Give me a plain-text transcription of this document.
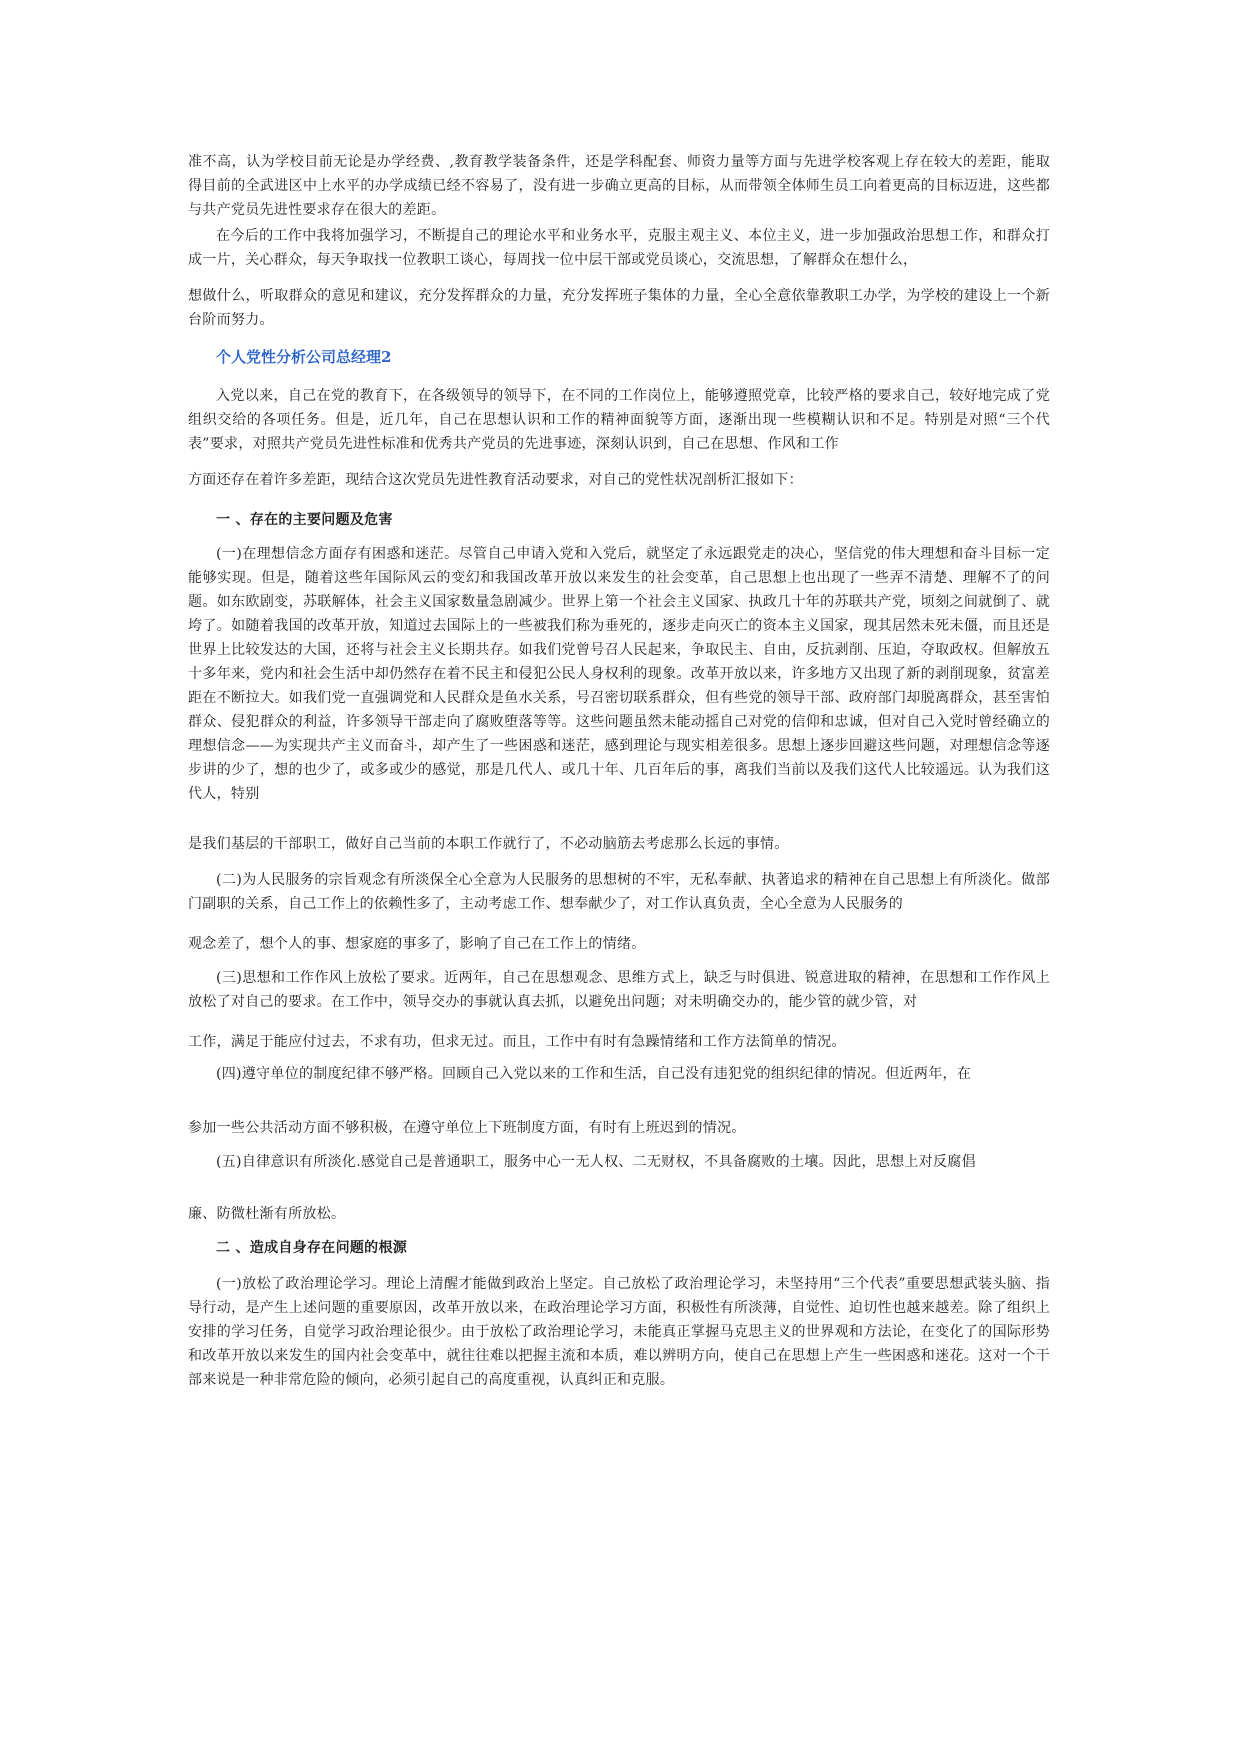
准不高，认为学校目前无论是办学经费、,教育教学装备条件，还是学科配套、师资力量等方面与先进学校客观上存在较大的差距，能取得目前的全武进区中上水平的办学成绩已经不容易了，没有进一步确立更高的目标，从而带领全体师生员工向着更高的目标迈进，这些都与共产党员先进性要求存在很大的差距。

在今后的工作中我将加强学习，不断提自己的理论水平和业务水平，克服主观主义、本位主义，进一步加强政治思想工作，和群众打成一片，关心群众，每天争取找一位教职工谈心，每周找一位中层干部或党员谈心，交流思想，了解群众在想什么，

想做什么，听取群众的意见和建议，充分发挥群众的力量，充分发挥班子集体的力量，全心全意依靠教职工办学，为学校的建设上一个新台阶而努力。

个人党性分析公司总经理2

入党以来，自己在党的教育下，在各级领导的领导下，在不同的工作岗位上，能够遵照党章，比较严格的要求自己，较好地完成了党组织交给的各项任务。但是，近几年，自己在思想认识和工作的精神面貌等方面，逐渐出现一些模糊认识和不足。特别是对照“三个代表”要求，对照共产党员先进性标准和优秀共产党员的先进事迹，深刻认识到，自己在思想、作风和工作

方面还存在着许多差距，现结合这次党员先进性教育活动要求，对自己的党性状况剖析汇报如下：

一 、存在的主要问题及危害

(一)在理想信念方面存有困惑和迷茫。尽管自己申请入党和入党后，就坚定了永远跟党走的决心，坚信党的伟大理想和奋斗目标一定能够实现。但是，随着这些年国际风云的变幻和我国改革开放以来发生的社会变革，自己思想上也出现了一些弄不清楚、理解不了的问题。如东欧剧变，苏联解体，社会主义国家数量急剧减少。世界上第一个社会主义国家、执政几十年的苏联共产党，顷刻之间就倒了、就垮了。如随着我国的改革开放，知道过去国际上的一些被我们称为垂死的，逐步走向灭亡的资本主义国家，现其居然未死未僵，而且还是世界上比较发达的大国，还将与社会主义长期共存。如我们党曾号召人民起来，争取民主、自由，反抗剥削、压迫，夺取政权。但解放五十多年来，党内和社会生活中却仍然存在着不民主和侵犯公民人身权利的现象。改革开放以来，许多地方又出现了新的剥削现象，贫富差距在不断拉大。如我们党一直强调党和人民群众是鱼水关系，号召密切联系群众，但有些党的领导干部、政府部门却脱离群众，甚至害怕群众、侵犯群众的利益，许多领导干部走向了腐败堕落等等。这些问题虽然未能动摇自己对党的信仰和忠诚，但对自己入党时曾经确立的理想信念——为实现共产主义而奋斗，却产生了一些困惑和迷茫，感到理论与现实相差很多。思想上逐步回避这些问题，对理想信念等逐步讲的少了，想的也少了，或多或少的感觉，那是几代人、或几十年、几百年后的事，离我们当前以及我们这代人比较遥远。认为我们这代人，特别

是我们基层的干部职工，做好自己当前的本职工作就行了，不必动脑筋去考虑那么长远的事情。

(二)为人民服务的宗旨观念有所淡保全心全意为人民服务的思想树的不牢，无私奉献、执著追求的精神在自己思想上有所淡化。做部门副职的关系，自己工作上的依赖性多了，主动考虑工作、想奉献少了，对工作认真负责，全心全意为人民服务的

观念差了，想个人的事、想家庭的事多了，影响了自己在工作上的情绪。

(三)思想和工作作风上放松了要求。近两年，自己在思想观念、思维方式上，缺乏与时俱进、锐意进取的精神，在思想和工作作风上放松了对自己的要求。在工作中，领导交办的事就认真去抓，以避免出问题；对未明确交办的，能少管的就少管，对

工作，满足于能应付过去，不求有功，但求无过。而且，工作中有时有急躁情绪和工作方法简单的情况。

(四)遵守单位的制度纪律不够严格。回顾自己入党以来的工作和生活，自己没有违犯党的组织纪律的情况。但近两年，在

参加一些公共活动方面不够积极，在遵守单位上下班制度方面，有时有上班迟到的情况。

(五)自律意识有所淡化.感觉自己是普通职工，服务中心一无人权、二无财权，不具备腐败的土壤。因此，思想上对反腐倡

廉、防微杜渐有所放松。

二 、造成自身存在问题的根源

(一)放松了政治理论学习。理论上清醒才能做到政治上坚定。自己放松了政治理论学习，未坚持用“三个代表”重要思想武装头脑、指导行动，是产生上述问题的重要原因，改革开放以来，在政治理论学习方面，积极性有所淡薄，自觉性、迫切性也越来越差。除了组织上安排的学习任务，自觉学习政治理论很少。由于放松了政治理论学习，未能真正掌握马克思主义的世界观和方法论，在变化了的国际形势和改革开放以来发生的国内社会变革中，就往往难以把握主流和本质，难以辨明方向，使自己在思想上产生一些困惑和迷花。这对一个干部来说是一种非常危险的倾向，必须引起自己的高度重视，认真纠正和克服。
